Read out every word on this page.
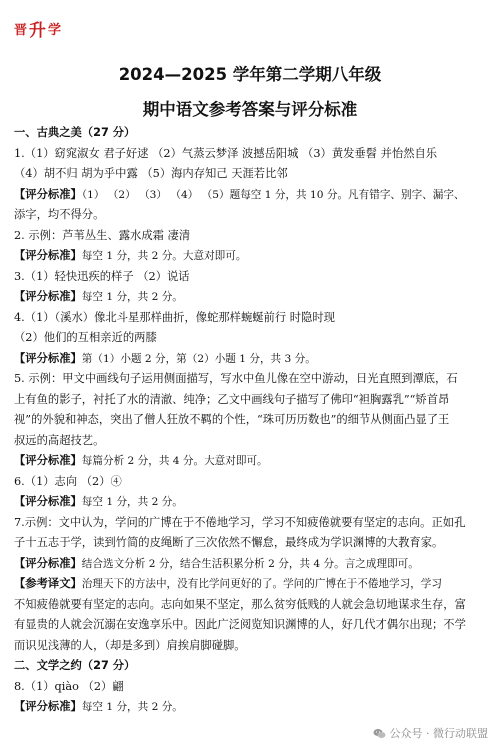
晋 升 学
2024—2025 学年第二学期八年级
期中语文参考答案与评分标准
一、古典之美（27 分）
1.（1）窈窕淑女 君子好逑 （2）气蒸云梦泽 波撼岳阳城 （3）黄发垂髫 并怡然自乐
（4）胡不归 胡为乎中露 （5）海内存知己 天涯若比邻
【评分标准】（1） （2） （3） （4） （5）题每空 1 分，共 10 分。凡有错字、别字、漏字、
添字，均不得分。
2. 示例：芦苇丛生、露水成霜 凄清
【评分标准】每空 1 分，共 2 分。大意对即可。
3.（1）轻快迅疾的样子 （2）说话
【评分标准】每空 1 分，共 2 分。
4.（1）（溪水）像北斗星那样曲折，像蛇那样蜿蜒前行 时隐时现
（2）他们的互相亲近的两膝
【评分标准】第（1）小题 2 分，第（2）小题 1 分，共 3 分。
5. 示例：甲文中画线句子运用侧面描写，写水中鱼儿像在空中游动，日光直照到潭底，石
上有鱼的影子，衬托了水的清澈、纯净；乙文中画线句子描写了佛印“袒胸露乳”“矫首昂
视”的外貌和神态，突出了僧人狂放不羁的个性，“珠可历历数也”的细节从侧面凸显了王
叔远的高超技艺。
【评分标准】每篇分析 2 分，共 4 分。大意对即可。
6.（1）志向 （2）④
【评分标准】每空 1 分，共 2 分。
7.示例：文中认为，学问的广博在于不倦地学习，学习不知疲倦就要有坚定的志向。正如孔
子十五志于学，读到竹简的皮绳断了三次依然不懈怠，最终成为学识渊博的大教育家。
【评分标准】结合选文分析 2 分，结合生活积累分析 2 分，共 4 分。言之成理即可。
【参考译文】治理天下的方法中，没有比学问更好的了。学问的广博在于不倦地学习，学习
不知疲倦就要有坚定的志向。志向如果不坚定，那么贫穷低贱的人就会急切地谋求生存，富
有显贵的人就会沉溺在安逸享乐中。因此广泛阅览知识渊博的人，好几代才偶尔出现；不学
而识见浅薄的人，（却是多到）肩挨肩脚碰脚。
二、文学之约（27 分）
8.（1）qiào （2）翩
【评分标准】每空 1 分，共 2 分。
公众号 · 微行动联盟
